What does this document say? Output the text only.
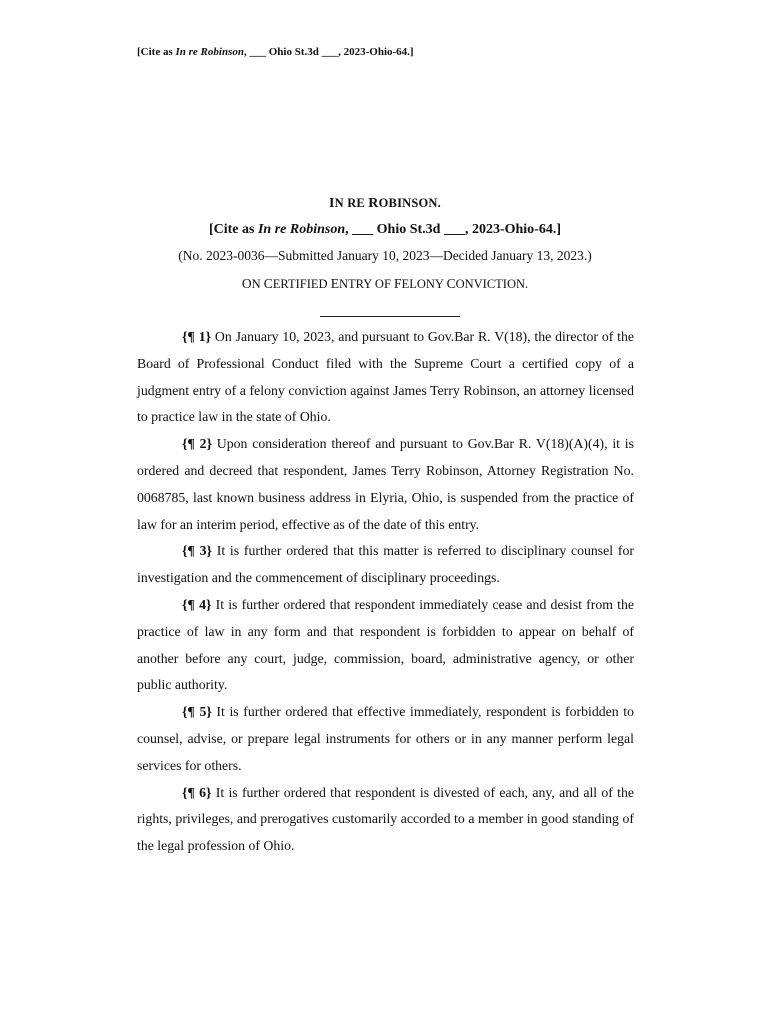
[Cite as In re Robinson, ___ Ohio St.3d ___, 2023-Ohio-64.]
IN RE ROBINSON.
[Cite as In re Robinson, ___ Ohio St.3d ___, 2023-Ohio-64.]
(No. 2023-0036—Submitted January 10, 2023—Decided January 13, 2023.)
ON CERTIFIED ENTRY OF FELONY CONVICTION.

{¶ 1} On January 10, 2023, and pursuant to Gov.Bar R. V(18), the director of the Board of Professional Conduct filed with the Supreme Court a certified copy of a judgment entry of a felony conviction against James Terry Robinson, an attorney licensed to practice law in the state of Ohio.

{¶ 2} Upon consideration thereof and pursuant to Gov.Bar R. V(18)(A)(4), it is ordered and decreed that respondent, James Terry Robinson, Attorney Registration No. 0068785, last known business address in Elyria, Ohio, is suspended from the practice of law for an interim period, effective as of the date of this entry.

{¶ 3} It is further ordered that this matter is referred to disciplinary counsel for investigation and the commencement of disciplinary proceedings.

{¶ 4} It is further ordered that respondent immediately cease and desist from the practice of law in any form and that respondent is forbidden to appear on behalf of another before any court, judge, commission, board, administrative agency, or other public authority.

{¶ 5} It is further ordered that effective immediately, respondent is forbidden to counsel, advise, or prepare legal instruments for others or in any manner perform legal services for others.

{¶ 6} It is further ordered that respondent is divested of each, any, and all of the rights, privileges, and prerogatives customarily accorded to a member in good standing of the legal profession of Ohio.
